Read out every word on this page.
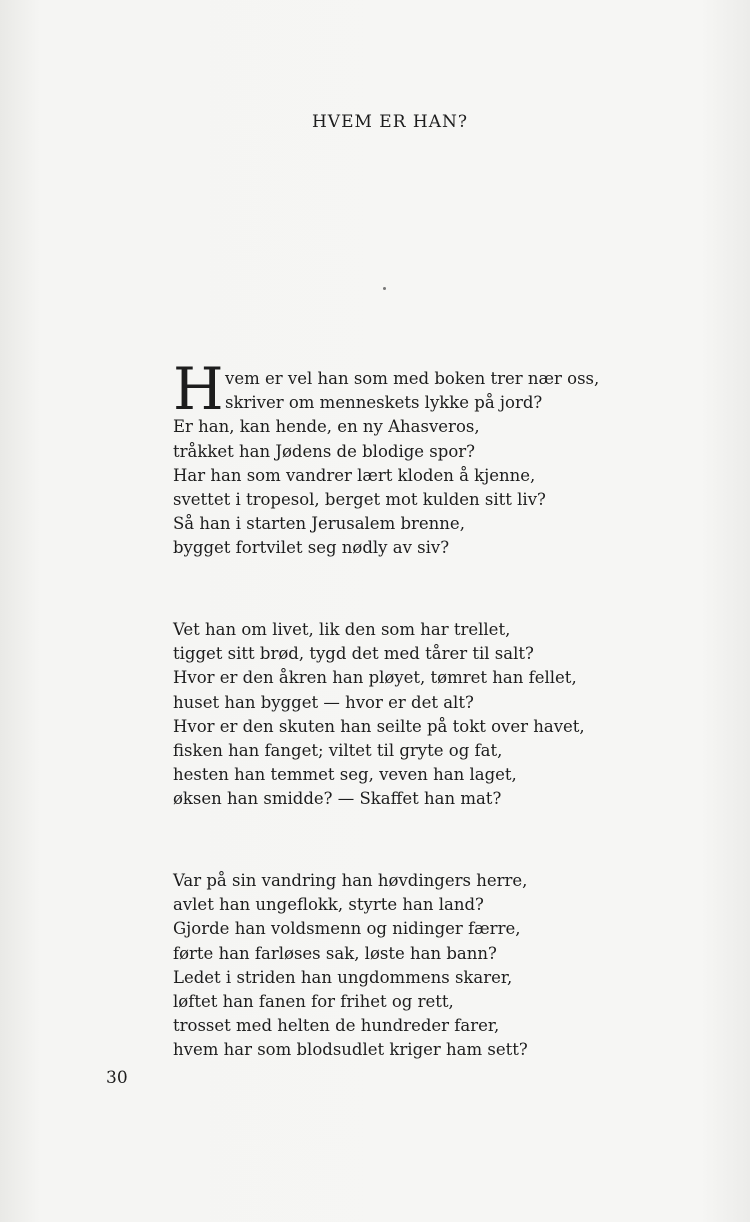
HVEM ER HAN?
H vem er vel han som med boken trer nær oss,
skriver om menneskets lykke på jord?
Er han, kan hende, en ny Ahasveros,
tråkket han Jødens de blodige spor?
Har han som vandrer lært kloden å kjenne,
svettet i tropesol, berget mot kulden sitt liv?
Så han i starten Jerusalem brenne,
bygget fortvilet seg nødly av siv?
Vet han om livet, lik den som har trellet,
tigget sitt brød, tygd det med tårer til salt?
Hvor er den åkren han pløyet, tømret han fellet,
huset han bygget — hvor er det alt?
Hvor er den skuten han seilte på tokt over havet,
fisken han fanget; viltet til gryte og fat,
hesten han temmet seg, veven han laget,
øksen han smidde? — Skaffet han mat?
Var på sin vandring han høvdingers herre,
avlet han ungeflokk, styrte han land?
Gjorde han voldsmenn og nidinger færre,
førte han farløses sak, løste han bann?
Ledet i striden han ungdommens skarer,
løftet han fanen for frihet og rett,
trosset med helten de hundreder farer,
hvem har som blodsudlet kriger ham sett?
30
